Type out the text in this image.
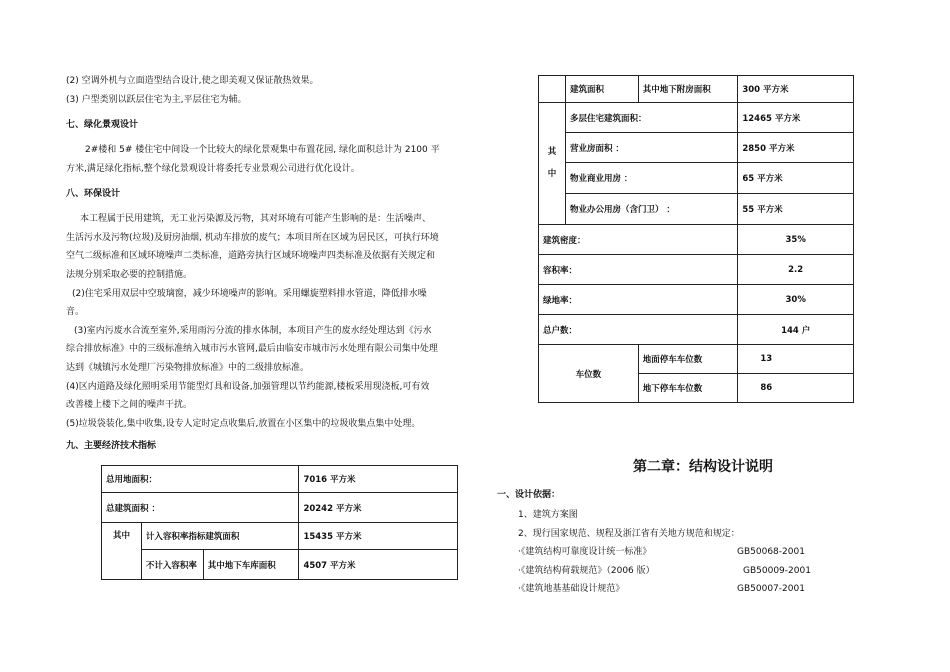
(2) 空调外机与立面造型结合设计,使之即美观又保证散热效果。
(3) 户型类别以跃层住宅为主,平层住宅为辅。
七、绿化景观设计
2#楼和 5# 楼住宅中间设一个比较大的绿化景观集中布置花园, 绿化面积总计为 2100 平
方米,满足绿化指标,整个绿化景观设计将委托专业景观公司进行优化设计。
八、环保设计
本工程属于民用建筑，无工业污染源及污物，其对环境有可能产生影响的是：生活噪声、
生活污水及污物(垃圾)及厨房油烟, 机动车排放的废气；本项目所在区域为居民区，可执行环境
空气二级标准和区域环境噪声二类标准，道路旁执行区域环境噪声四类标准及依据有关规定和
法规分别采取必要的控制措施。
(2)住宅采用双层中空玻璃窗，减少环境噪声的影响。采用螺旋塑料排水管道，降低排水噪
音。
(3)室内污废水合流至室外,采用雨污分流的排水体制，本项目产生的废水经处理达到《污水
综合排放标准》中的三级标准纳入城市污水管网,最后由临安市城市污水处理有限公司集中处理
达到《城镇污水处理厂污染物排放标准》中的二级排放标准。
(4)区内道路及绿化照明采用节能型灯具和设备,加强管理以节约能源,楼板采用现浇板,可有效
改善楼上楼下之间的噪声干扰。
(5)垃圾袋装化,集中收集,设专人定时定点收集后,放置在小区集中的垃圾收集点集中处理。
九、主要经济技术指标
总用地面积：			7016 平方米
总建筑面积 ：			20242 平方米
其中	计入容积率指标建筑面积		15435 平方米
	不计入容积率	其中地下车库面积	4507 平方米
	建筑面积	其中地下附房面积	300 平方米
其

中	多层住宅建筑面积：		12465 平方米
	营业房面积 ：		2850 平方米
	物业商业用房 ：		65 平方米
	物业办公用房（含门卫） ：		55 平方米
建筑密度：			35%
容积率：			2.2
绿地率：			30%
总户数：			144 户
车位数		地面停车车位数	13
		地下停车车位数	86
第二章：结构设计说明
一、设计依据：
1、建筑方案图
2、现行国家规范、规程及浙江省有关地方规范和规定：
·《建筑结构可靠度设计统一标准》	GB50068-2001
·《建筑结构荷载规范》（2006 版）	GB50009-2001
·《建筑地基基础设计规范》	GB50007-2001
